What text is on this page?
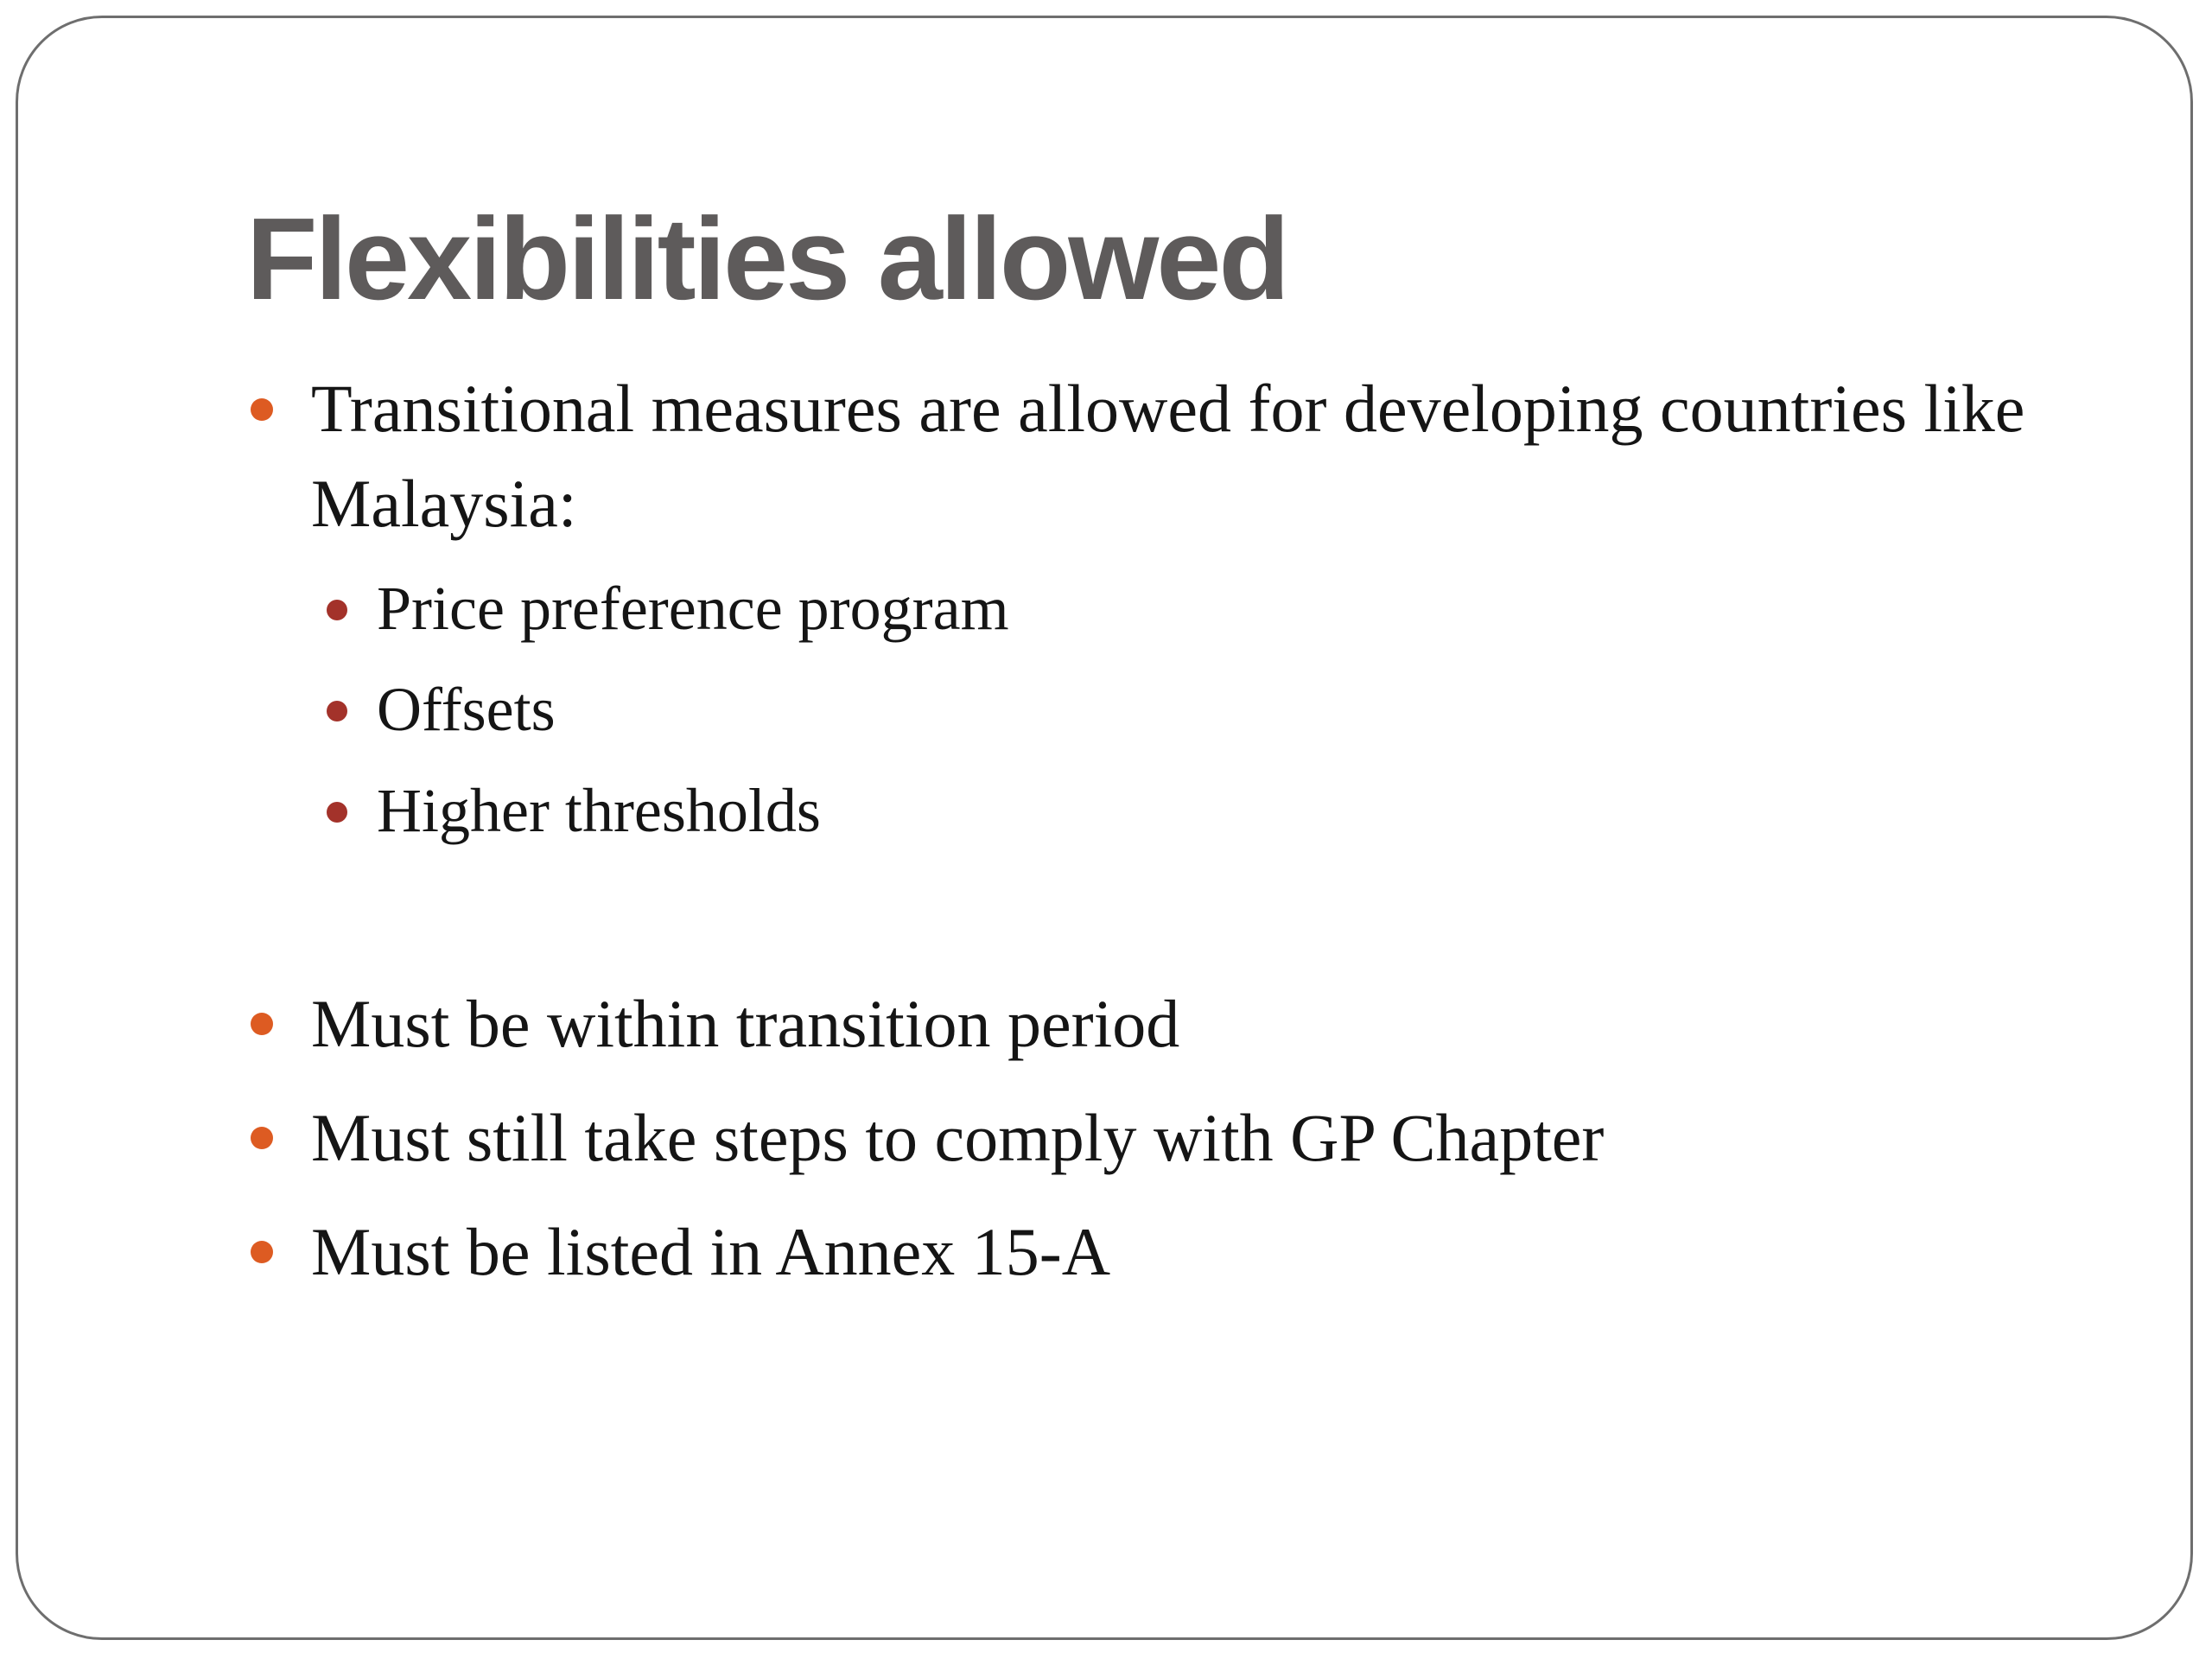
Flexibilities allowed

Transitional measures are allowed for developing countries like Malaysia:

Price preference program

Offsets

Higher thresholds

Must be within transition period

Must still take steps to comply with GP Chapter

Must be listed in Annex 15-A
